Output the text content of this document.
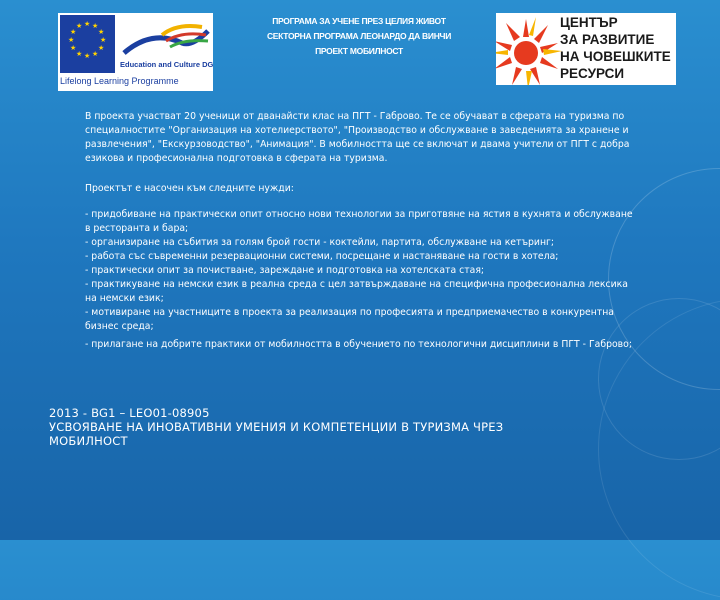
★ ★
★
★
★
★
★
★
★
★
★
★
Education and Culture DG
Lifelong Learning Programme
ПРОГРАМА ЗА УЧЕНЕ ПРЕЗ ЦЕЛИЯ ЖИВОТ
СЕКТОРНА ПРОГРАМА ЛЕОНАРДО ДА ВИНЧИ
ПРОЕКТ МОБИЛНОСТ
ЦЕНТЪР
ЗА РАЗВИТИЕ
НА ЧОВЕШКИТЕ
РЕСУРСИ

В проекта участват 20 ученици от дванайсти клас на ПГТ - Габрово. Те се обучават в сферата на туризма по специалностите "Организация на хотелиерството", "Производство и обслужване в заведенията за хранене и развлечения", "Екскурзоводство", "Анимация". В мобилността ще се включат и двама учители от ПГТ с добра езикова и професионална подготовка в сферата на туризма.

Проектът е насочен към следните нужди:

- придобиване на практически опит относно нови технологии за приготвяне на ястия в кухнята и обслужване в ресторанта и бара;
- организиране на събития за голям брой гости - коктейли, партита, обслужване на кетъринг;
- работа със съвременни резервационни системи, посрещане и настаняване на гости в хотела;
- практически опит за почистване, зареждане и подготовка на хотелската стая;
- практикуване на немски език в реална среда с цел затвърждаване на специфична професионална лексика на немски език;
- мотивиране на участниците в проекта за реализация по професията и предприемачество в конкурентна бизнес среда;
- прилагане на добрите практики от мобилността в обучението по технологични дисциплини в ПГТ - Габрово;
2013 - BG1 – LEO01-08905
УСВОЯВАНЕ НА ИНОВАТИВНИ УМЕНИЯ И КОМПЕТЕНЦИИ В ТУРИЗМА ЧРЕЗ МОБИЛНОСТ
